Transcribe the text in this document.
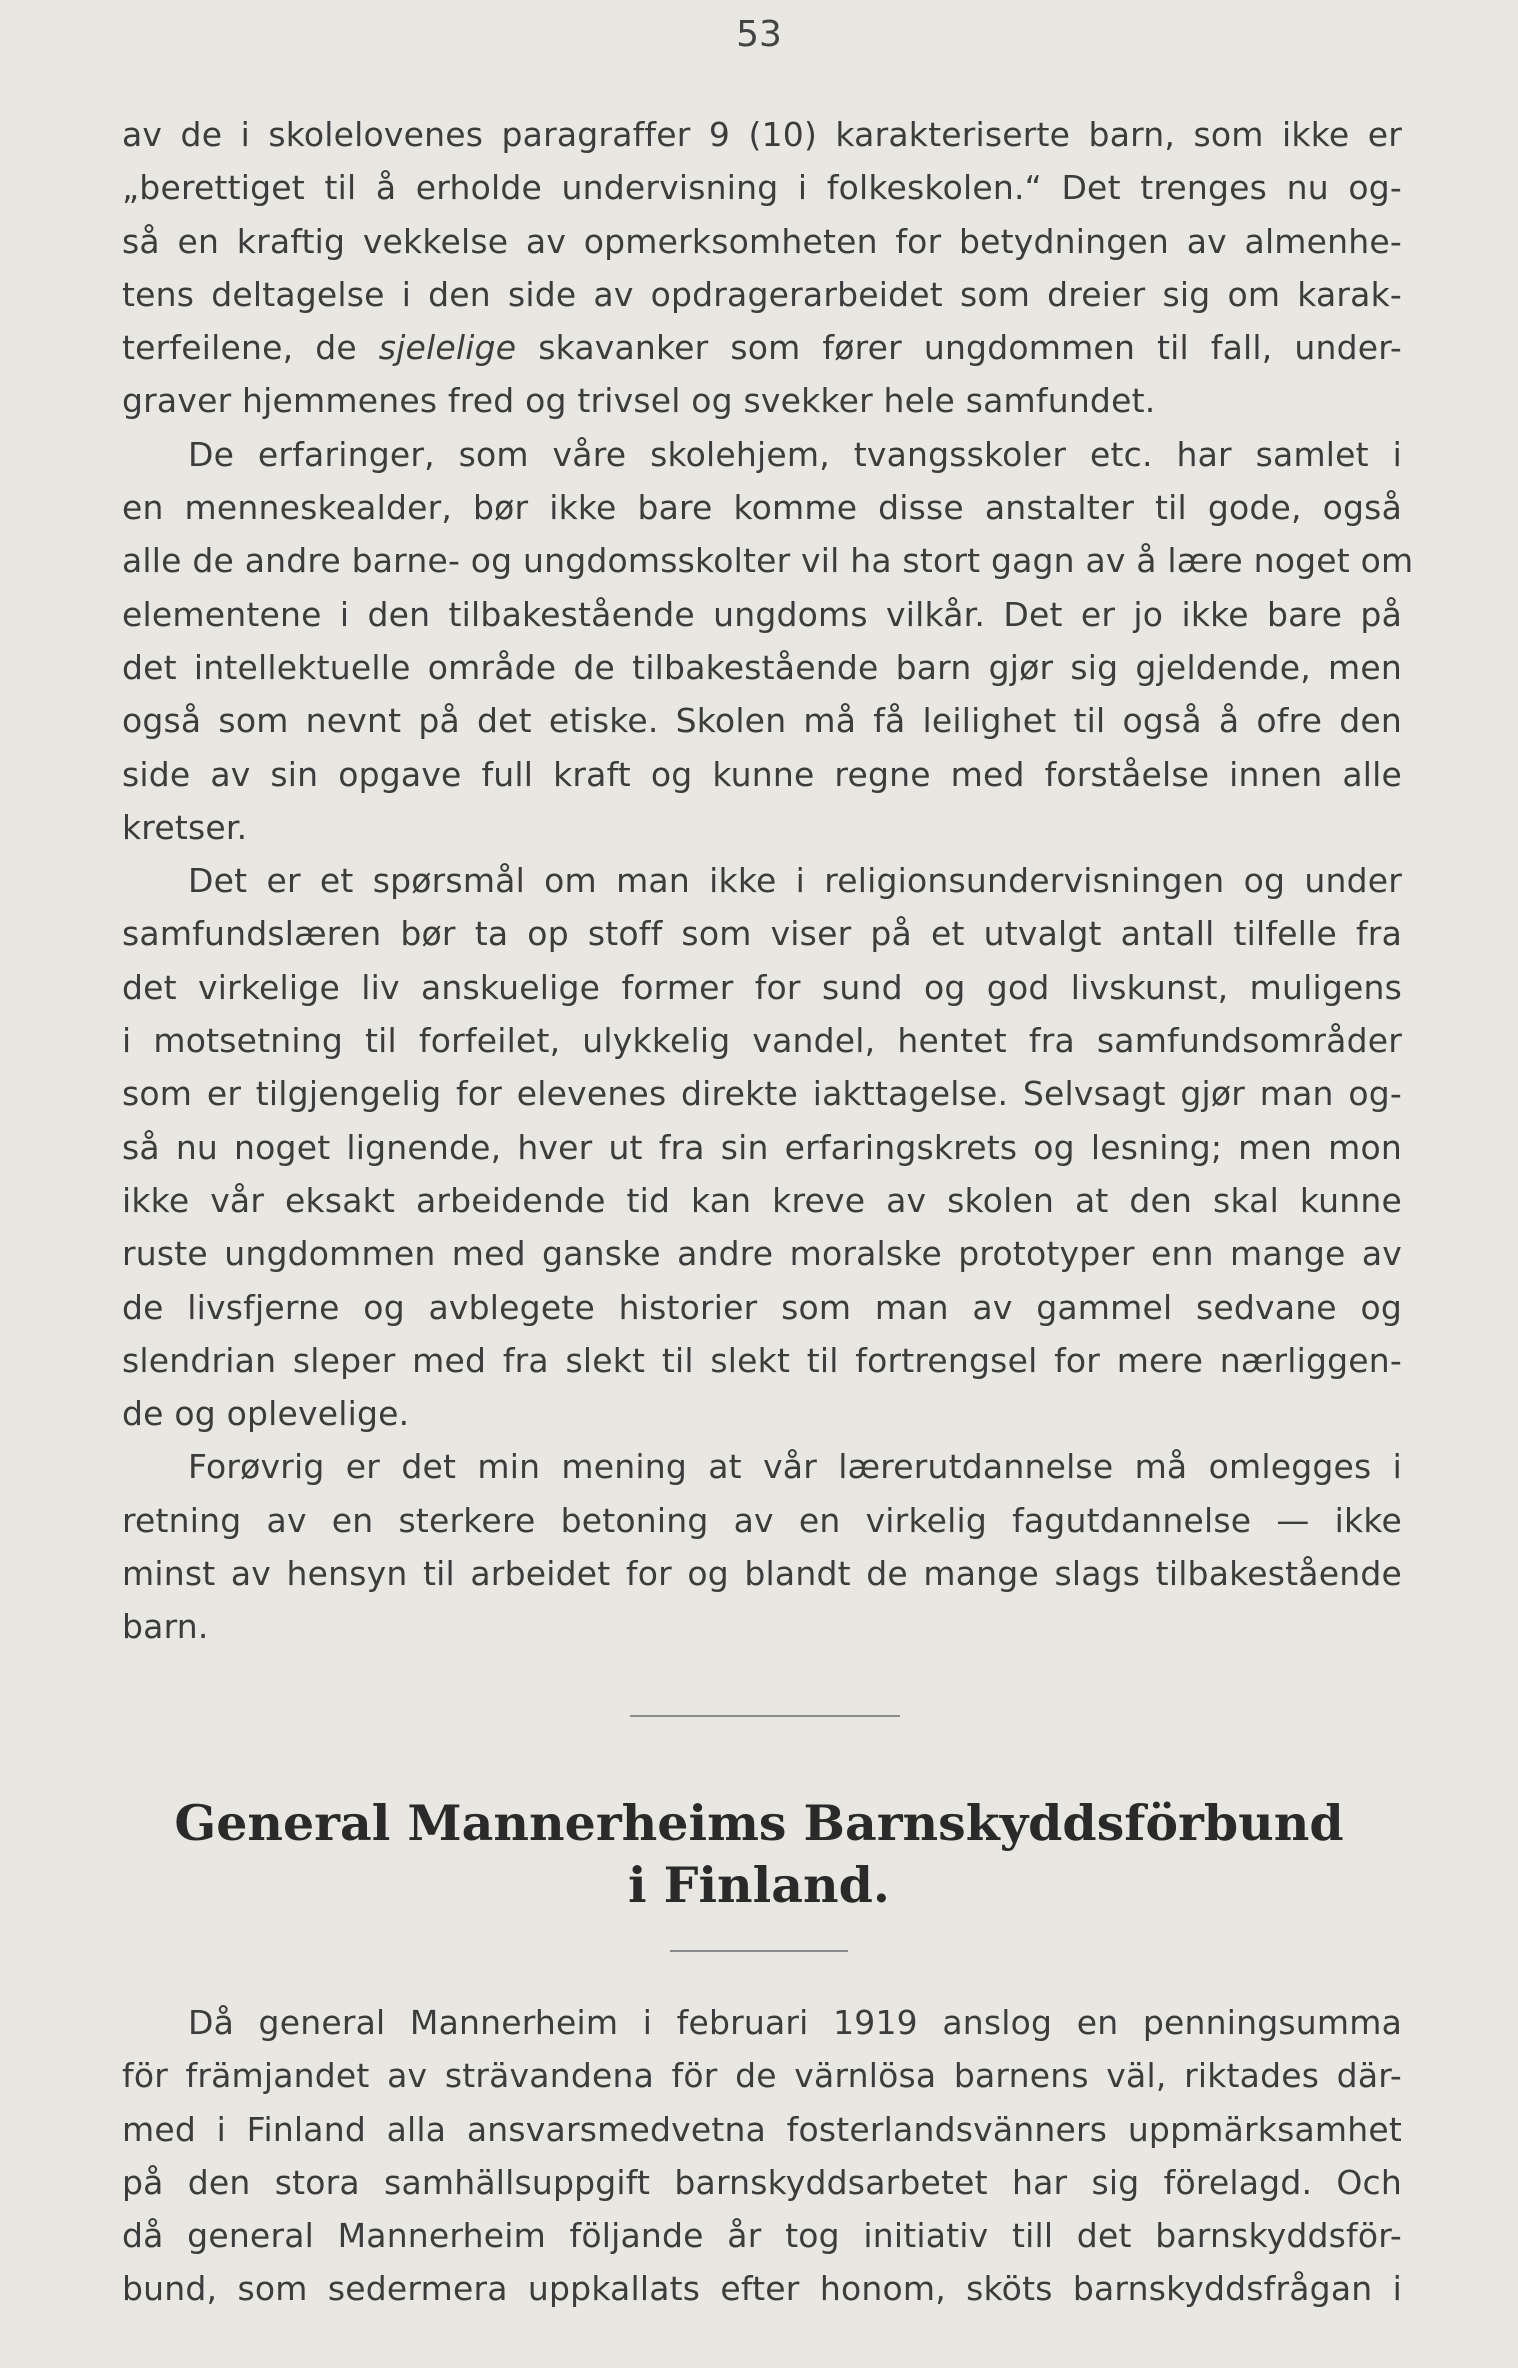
53
av de i skolelovenes paragraffer 9 (10) karakteriserte barn, som ikke er
„berettiget til å erholde undervisning i folkeskolen.“ Det trenges nu og-
så en kraftig vekkelse av opmerksomheten for betydningen av almenhe-
tens deltagelse i den side av opdragerarbeidet som dreier sig om karak-
terfeilene, de sjelelige skavanker som fører ungdommen til fall, under-
graver hjemmenes fred og trivsel og svekker hele samfundet.
De erfaringer, som våre skolehjem, tvangsskoler etc. har samlet i
en menneskealder, bør ikke bare komme disse anstalter til gode, også
alle de andre barne- og ungdomsskolter vil ha stort gagn av å lære noget om
elementene i den tilbakestående ungdoms vilkår. Det er jo ikke bare på
det intellektuelle område de tilbakestående barn gjør sig gjeldende, men
også som nevnt på det etiske. Skolen må få leilighet til også å ofre den
side av sin opgave full kraft og kunne regne med forståelse innen alle
kretser.
Det er et spørsmål om man ikke i religionsundervisningen og under
samfundslæren bør ta op stoff som viser på et utvalgt antall tilfelle fra
det virkelige liv anskuelige former for sund og god livskunst, muligens
i motsetning til forfeilet, ulykkelig vandel, hentet fra samfundsområder
som er tilgjengelig for elevenes direkte iakttagelse. Selvsagt gjør man og-
så nu noget lignende, hver ut fra sin erfaringskrets og lesning; men mon
ikke vår eksakt arbeidende tid kan kreve av skolen at den skal kunne
ruste ungdommen med ganske andre moralske prototyper enn mange av
de livsfjerne og avblegete historier som man av gammel sedvane og
slendrian sleper med fra slekt til slekt til fortrengsel for mere nærliggen-
de og oplevelige.
Forøvrig er det min mening at vår lærerutdannelse må omlegges i
retning av en sterkere betoning av en virkelig fagutdannelse — ikke
minst av hensyn til arbeidet for og blandt de mange slags tilbakestående
barn.
General Mannerheims Barnskyddsförbund
i Finland.
Då general Mannerheim i februari 1919 anslog en penningsumma
för främjandet av strävandena för de värnlösa barnens väl, riktades där-
med i Finland alla ansvarsmedvetna fosterlandsvänners uppmärksamhet
på den stora samhällsuppgift barnskyddsarbetet har sig förelagd. Och
då general Mannerheim följande år tog initiativ till det barnskyddsför-
bund, som sedermera uppkallats efter honom, sköts barnskyddsfrågan i
